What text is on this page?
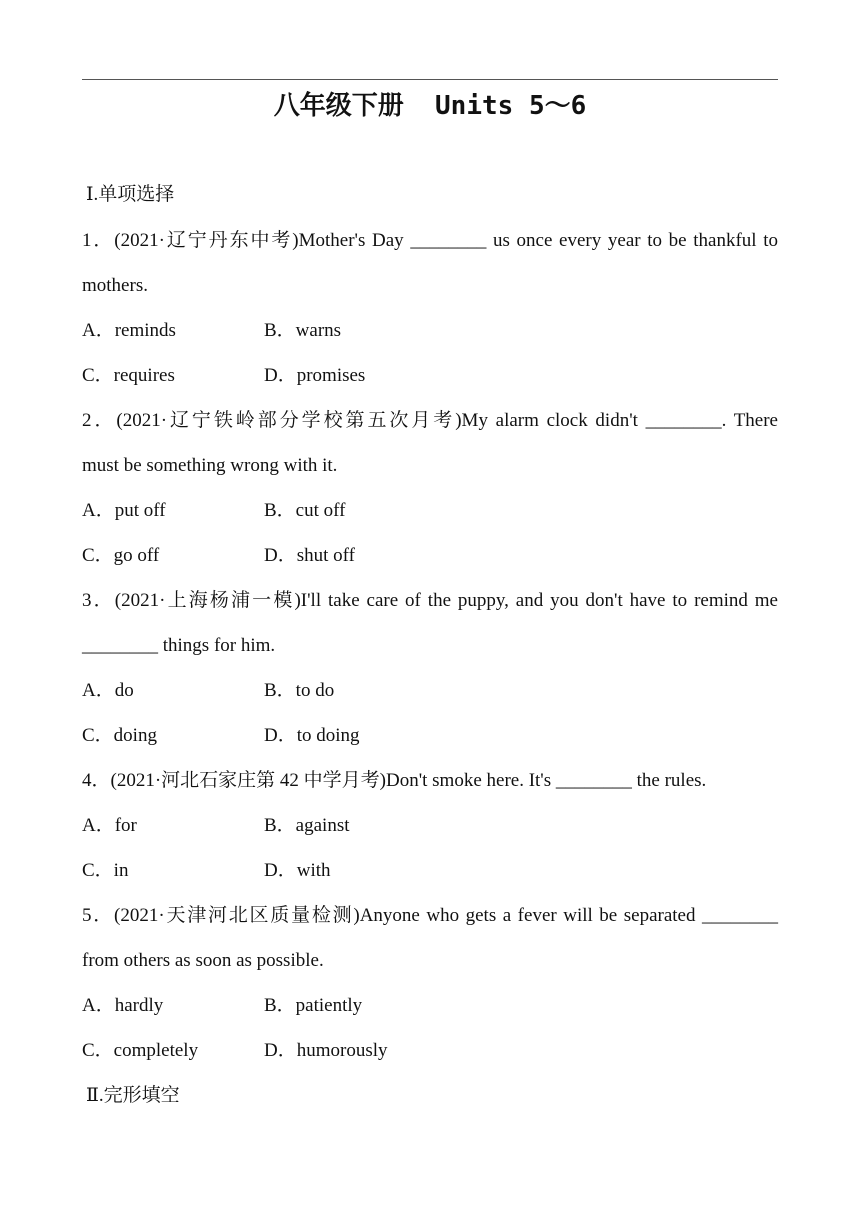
八年级下册  Units 5～6
Ⅰ.单项选择
1．(2021·辽宁丹东中考)Mother's Day ________ us once every year to be thankful to
mothers.
A．reminds	B．warns
C．requires	D．promises
2．(2021·辽宁铁岭部分学校第五次月考)My alarm clock didn't ________. There
must be something wrong with it.
A．put off	B．cut off
C．go off	D．shut off
3．(2021·上海杨浦一模)I'll take care of the puppy, and you don't have to remind me
________ things for him.
A．do	B．to do
C．doing	D．to doing
4．(2021·河北石家庄第 42 中学月考)Don't smoke here. It's ________ the rules.
A．for	B．against
C．in	D．with
5．(2021·天津河北区质量检测)Anyone who gets a fever will be separated ________
from others as soon as possible.
A．hardly	B．patiently
C．completely	D．humorously
Ⅱ.完形填空
